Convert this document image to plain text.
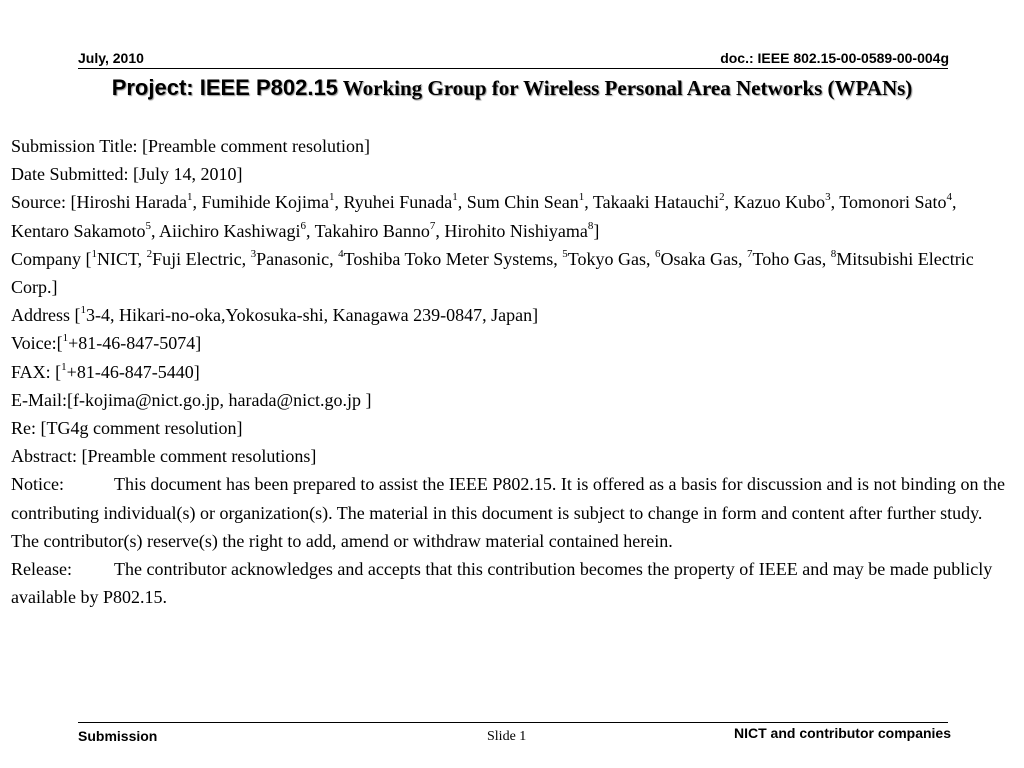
July, 2010	doc.: IEEE 802.15-00-0589-00-004g
Project: IEEE P802.15 Working Group for Wireless Personal Area Networks (WPANs)

Submission Title: [Preamble comment resolution]

Date Submitted: [July 14, 2010]

Source: [Hiroshi Harada$^1$, Fumihide Kojima$^1$, Ryuhei Funada$^1$, Sum Chin Sean$^1$, Takaaki Hatauchi$^2$, Kazuo Kubo$^3$, Tomonori Sato$^4$, Kentaro Sakamoto$^5$, Aiichiro Kashiwagi$^6$, Takahiro Banno$^7$, Hirohito Nishiyama$^8$]

Company [$^1$NICT, $^2$Fuji Electric, $^3$Panasonic, $^4$Toshiba Toko Meter Systems, $^5$Tokyo Gas, $^6$Osaka Gas, $^7$Toho Gas, $^8$Mitsubishi Electric Corp.]

Address [$^1$3-4, Hikari-no-oka,Yokosuka-shi, Kanagawa 239-0847, Japan]

Voice:[$^1$+81-46-847-5074]

FAX: [$^1$+81-46-847-5440]

E-Mail:[f-kojima@nict.go.jp, harada@nict.go.jp ]

Re: [TG4g comment resolution]

Abstract: [Preamble comment resolutions]

Notice:	This document has been prepared to assist the IEEE P802.15. It is offered as a basis for discussion and is not binding on the contributing individual(s) or organization(s). The material in this document is subject to change in form and content after further study. The contributor(s) reserve(s) the right to add, amend or withdraw material contained herein.

Release: The contributor acknowledges and accepts that this contribution becomes the property of IEEE and may be made publicly available by P802.15.

Submission	Slide 1	NICT and contributor companies
